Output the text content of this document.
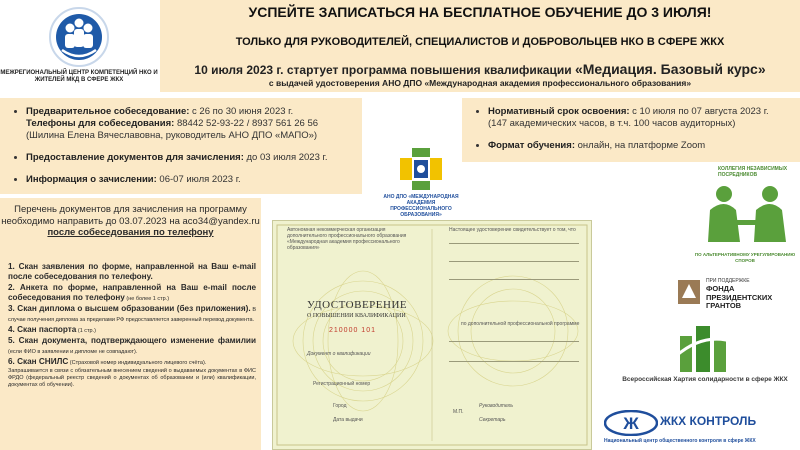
МЕЖРЕГИОНАЛЬНЫЙ ЦЕНТР КОМПЕТЕНЦИЙ НКО И ЖИТЕЛЕЙ МКД В СФЕРЕ ЖКХ
УСПЕЙТЕ ЗАПИСАТЬСЯ НА БЕСПЛАТНОЕ ОБУЧЕНИЕ ДО 3 ИЮЛЯ!
ТОЛЬКО ДЛЯ РУКОВОДИТЕЛЕЙ, СПЕЦИАЛИСТОВ И ДОБРОВОЛЬЦЕВ НКО В СФЕРЕ ЖКХ
10 июля 2023 г. стартует программа повышения квалификации «Медиация. Базовый курс»
с выдачей удостоверения АНО ДПО «Международная академия профессионального образования»
• Предварительное собеседование: с 26 по 30 июня 2023 г.
Телефоны для собеседования: 88442 52-93-22 / 8937 561 26 56
(Шилина Елена Вячеславовна, руководитель АНО ДПО «МАПО»)
• Предоставление документов для зачисления: до 03 июля 2023 г.
• Информация о зачислении: 06-07 июля 2023 г.
• Нормативный срок освоения: с 10 июля по 07 августа 2023 г.
(147 академических часов, в т.ч. 100 часов аудиторных)
• Формат обучения: онлайн, на платформе Zoom
АНО ДПО «МЕЖДУНАРОДНАЯ АКАДЕМИЯ ПРОФЕССИОНАЛЬНОГО ОБРАЗОВАНИЯ»
Перечень документов для зачисления на программу необходимо направить до 03.07.2023 на aco34@yandex.ru
после собеседования по телефону
1. Скан заявления по форме, направленной на Ваш e-mail после собеседования по телефону.
2. Анкета по форме, направленной на Ваш e-mail после собеседования по телефону (не более 1 стр.)
3. Скан диплома о высшем образовании (без приложения). В случае получения диплома за пределами РФ предоставляется заверенный перевод документа.
4. Скан паспорта (1 стр.)
5. Скан документа, подтверждающего изменение фамилии (если ФИО в заявлении и дипломе не совпадают).
6. Скан СНИЛС (Страховой номер индивидуального лицевого счёта).
Запрашивается в связи с обязательным внесением сведений о выдаваемых документах в ФИС ФРДО (федеральный реестр сведений о документах об образовании и (или) квалификации, документах об обучении).
Автономная некоммерческая организация дополнительного профессионального образования «Международная академия профессионального образования»
УДОСТОВЕРЕНИЕ
О ПОВЫШЕНИИ КВАЛИФИКАЦИИ
210000 101
Документ о квалификации
Регистрационный номер
Город
Дата выдачи
Настоящее удостоверение свидетельствует о том, что
по дополнительной профессиональной программе
Руководитель
Секретарь
М.П.
КОЛЛЕГИЯ НЕЗАВИСИМЫХ ПОСРЕДНИКОВ
ПО АЛЬТЕРНАТИВНОМУ УРЕГУЛИРОВАНИЮ СПОРОВ
ПРИ ПОДДЕРЖКЕ
ФОНДА ПРЕЗИДЕНТСКИХ ГРАНТОВ
Всероссийская Хартия солидарности в сфере ЖКХ
Ж ЖКХ КОНТРОЛЬ
Национальный центр общественного контроля в сфере ЖКХ
